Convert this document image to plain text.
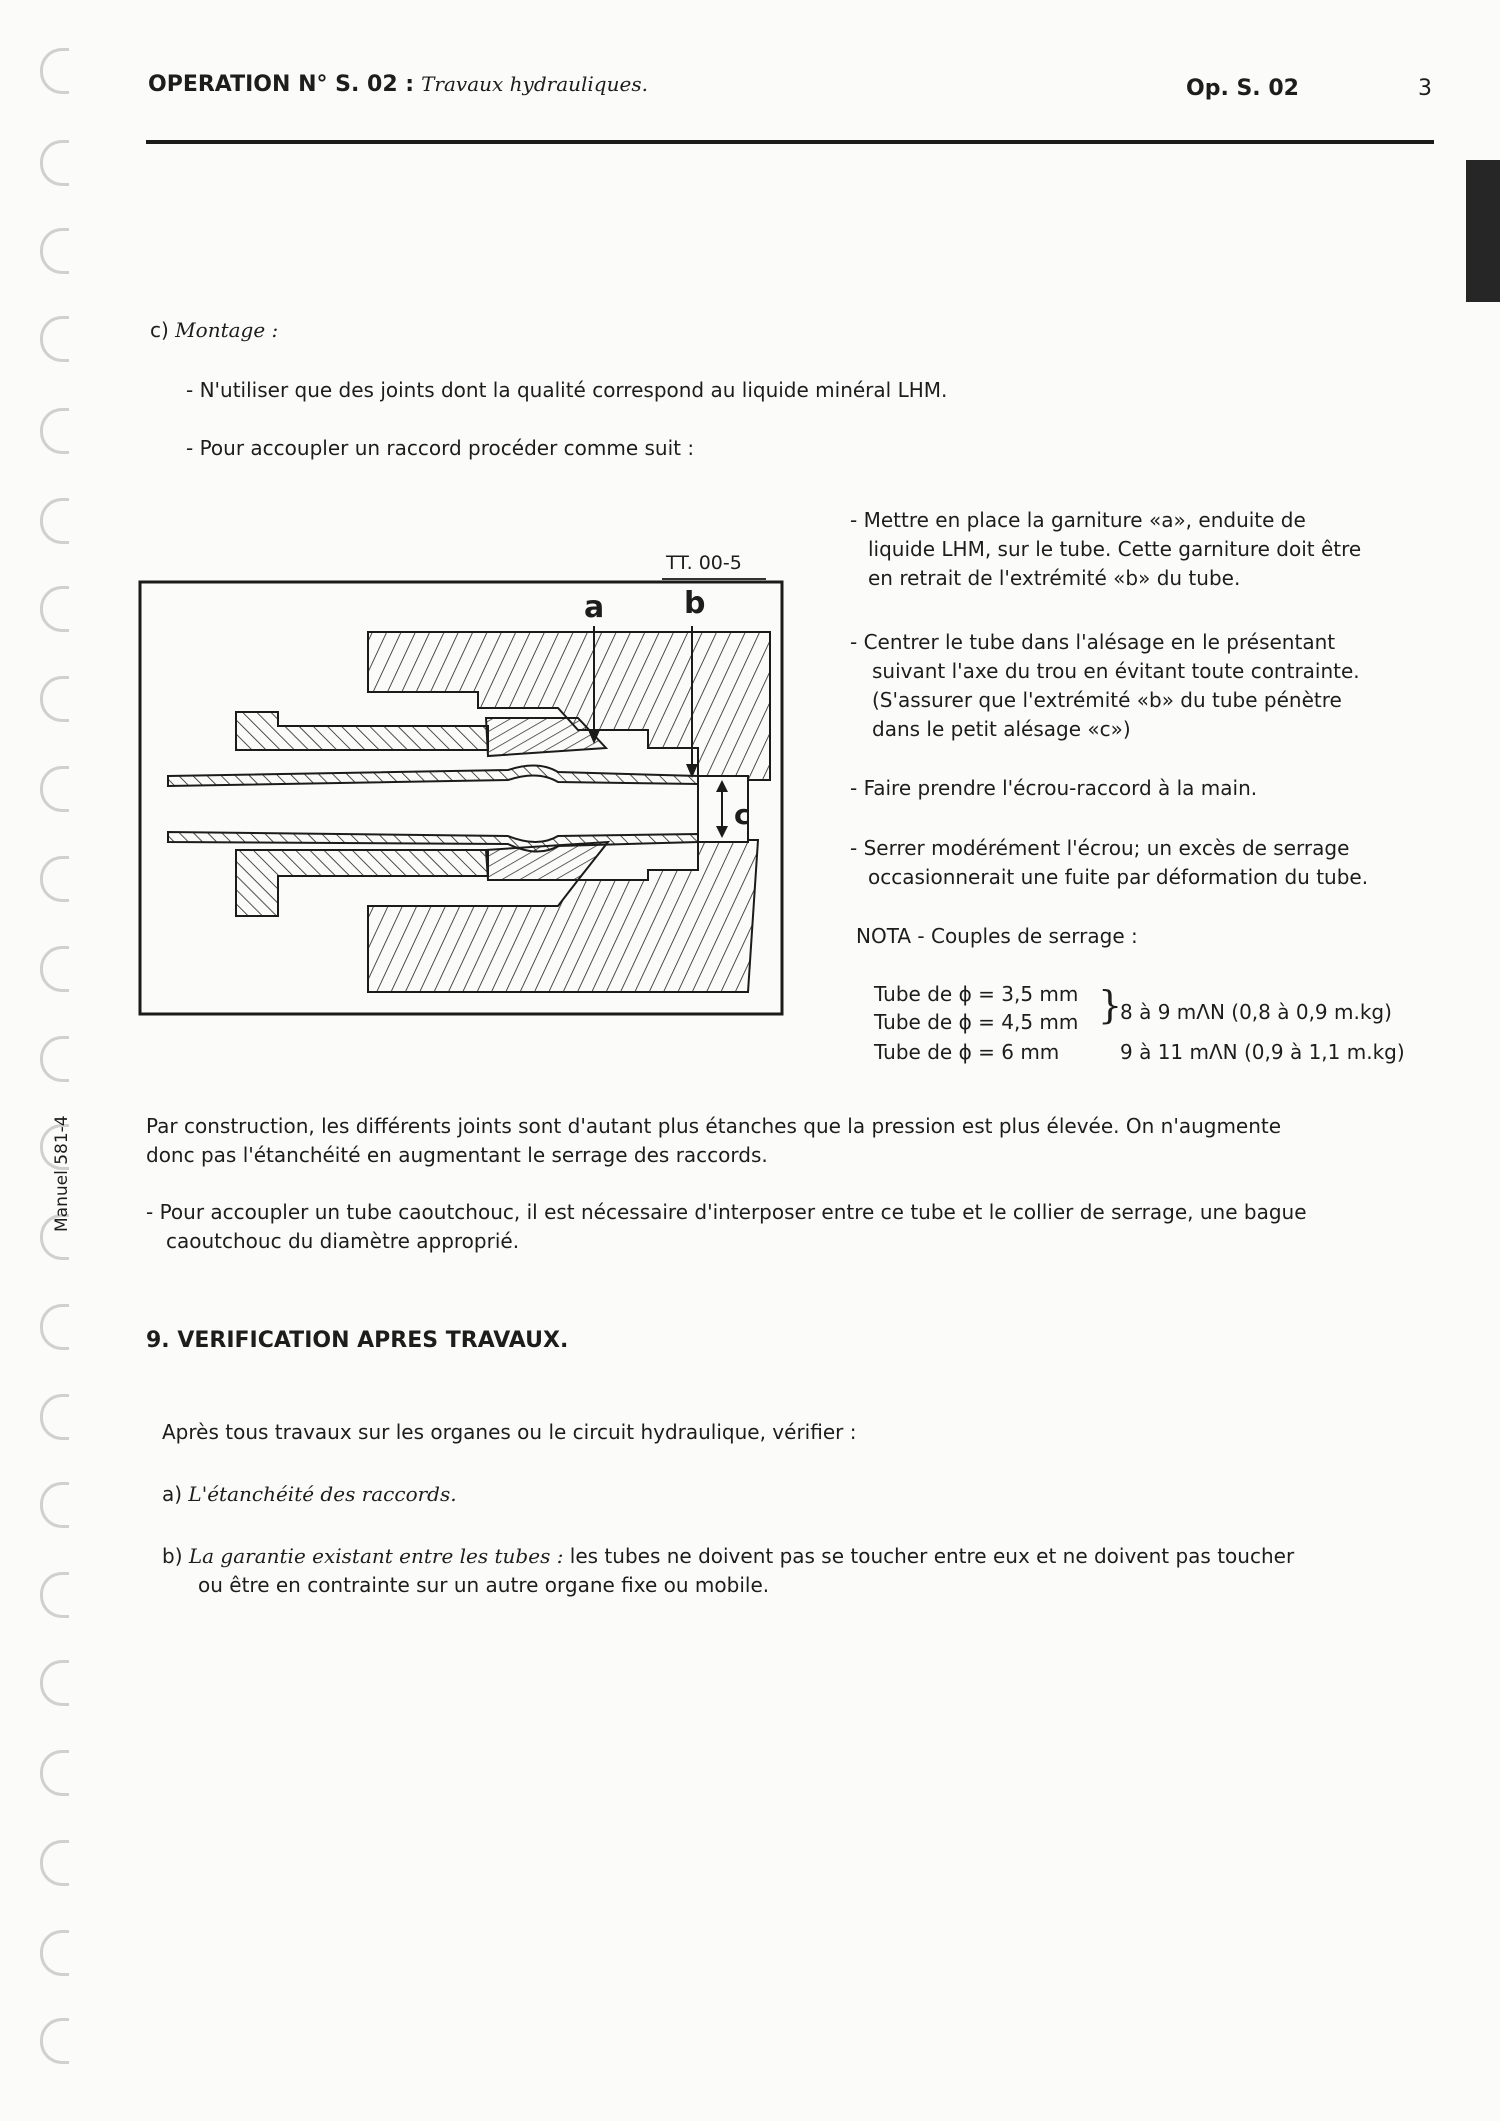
OPERATION N° S. 02 : Travaux hydrauliques.	Op. S. 02	3
c) Montage :
- N'utiliser que des joints dont la qualité correspond au liquide minéral LHM.
- Pour accoupler un raccord procéder comme suit :
TT. 00-5
a	b
c
- Mettre en place la garniture «a», enduite de
liquide LHM, sur le tube. Cette garniture doit être
en retrait de l'extrémité «b» du tube.
- Centrer le tube dans l'alésage en le présentant
suivant l'axe du trou en évitant toute contrainte.
(S'assurer que l'extrémité «b» du tube pénètre
dans le petit alésage «c»)
- Faire prendre l'écrou-raccord à la main.
- Serrer modérément l'écrou; un excès de serrage
occasionnerait une fuite par déformation du tube.
NOTA - Couples de serrage :
Tube de ϕ = 3,5 mm
Tube de ϕ = 4,5 mm }
8 à 9 mΛN (0,8 à 0,9 m.kg)
Tube de ϕ = 6 mm	9 à 11 mΛN (0,9 à 1,1 m.kg)
Manuel 581-4	Par construction, les différents joints sont d'autant plus étanches que la pression est plus élevée. On n'augmente
donc pas l'étanchéité en augmentant le serrage des raccords.
- Pour accoupler un tube caoutchouc, il est nécessaire d'interposer entre ce tube et le collier de serrage, une bague
caoutchouc du diamètre approprié.
9. VERIFICATION APRES TRAVAUX.
Après tous travaux sur les organes ou le circuit hydraulique, vérifier :
a) L'étanchéité des raccords.
b) La garantie existant entre les tubes : les tubes ne doivent pas se toucher entre eux et ne doivent pas toucher
ou être en contrainte sur un autre organe fixe ou mobile.
